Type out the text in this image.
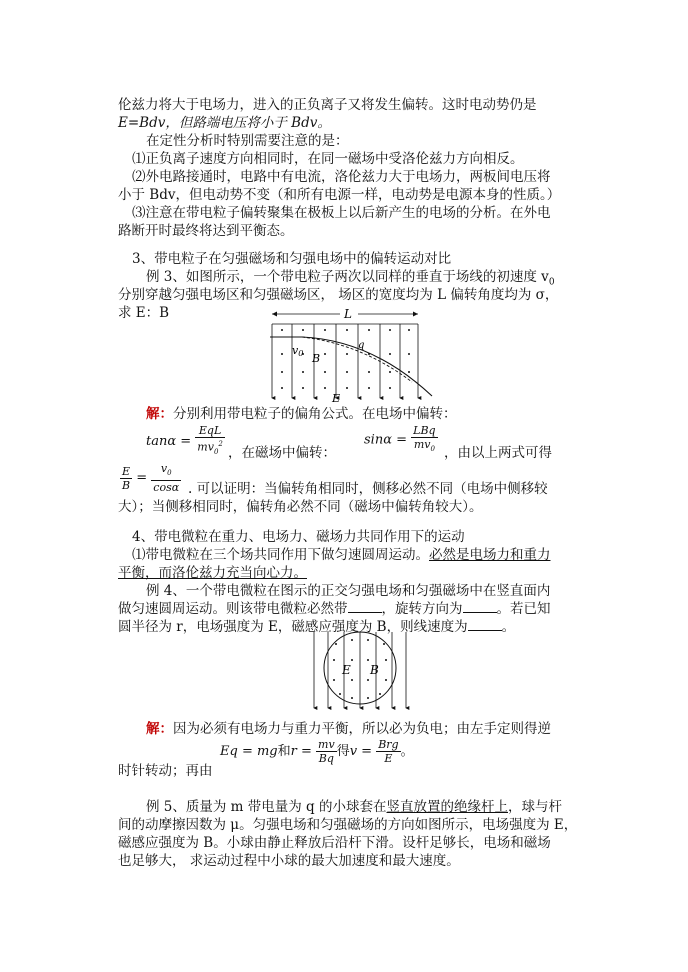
伦兹力将大于电场力，进入的正负离子又将发生偏转。这时电动势仍是
E=Bdv，但路端电压将小于 Bdv。
在定性分析时特别需要注意的是：
⑴正负离子速度方向相同时，在同一磁场中受洛伦兹力方向相反。
⑵外电路接通时，电路中有电流，洛伦兹力大于电场力，两板间电压将
小于 Bdv，但电动势不变（和所有电源一样，电动势是电源本身的性质。）
⑶注意在带电粒子偏转聚集在极板上以后新产生的电场的分析。在外电
路断开时最终将达到平衡态。
3、带电粒子在匀强磁场和匀强电场中的偏转运动对比
例 3、如图所示，一个带电粒子两次以同样的垂直于场线的初速度 $v_0$
分别穿越匀强电场区和匀强磁场区， 场区的宽度均为 L 偏转角度均为 σ，
求 E：B	L
v0 B
q
E
解：分别利用带电粒子的偏角公式。在电场中偏转：
$\tan\alpha = \frac{\text{EqL}}{mv_0^2}$ ，在磁场中偏转：
$\sin\alpha = \frac{\text{LBq}}{mv_0}$ ，由以上两式可得
$\frac{E}{B} = \frac{v_0}{\cos\alpha}$ . 可以证明：当偏转角相同时，侧移必然不同（电场中侧移较
大）；当侧移相同时，偏转角必然不同（磁场中偏转角较大）。
4、带电微粒在重力、电场力、磁场力共同作用下的运动
⑴带电微粒在三个场共同作用下做匀速圆周运动。必然是电场力和重力
平衡，而洛伦兹力充当向心力。
例 4、一个带电微粒在图示的正交匀强电场和匀强磁场中在竖直面内
做匀速圆周运动。则该带电微粒必然带	，旋转方向为	。若已知
圆半径为 r，电场强度为 E，磁感应强度为 B，则线速度为	。
E B
解：因为必须有电场力与重力平衡，所以必为负电；由左手定则得逆
Eq = mg和$r = \frac{mv}{Bq}$ 得$v = \frac{\text{Brg}}{E}$ 。
时针转动；再由
例 5、质量为 m 带电量为 q 的小球套在竖直放置的绝缘杆上，球与杆
间的动摩擦因数为 μ。匀强电场和匀强磁场的方向如图所示，电场强度为 E，
磁感应强度为 B。小球由静止释放后沿杆下滑。设杆足够长，电场和磁场
也足够大， 求运动过程中小球的最大加速度和最大速度。
